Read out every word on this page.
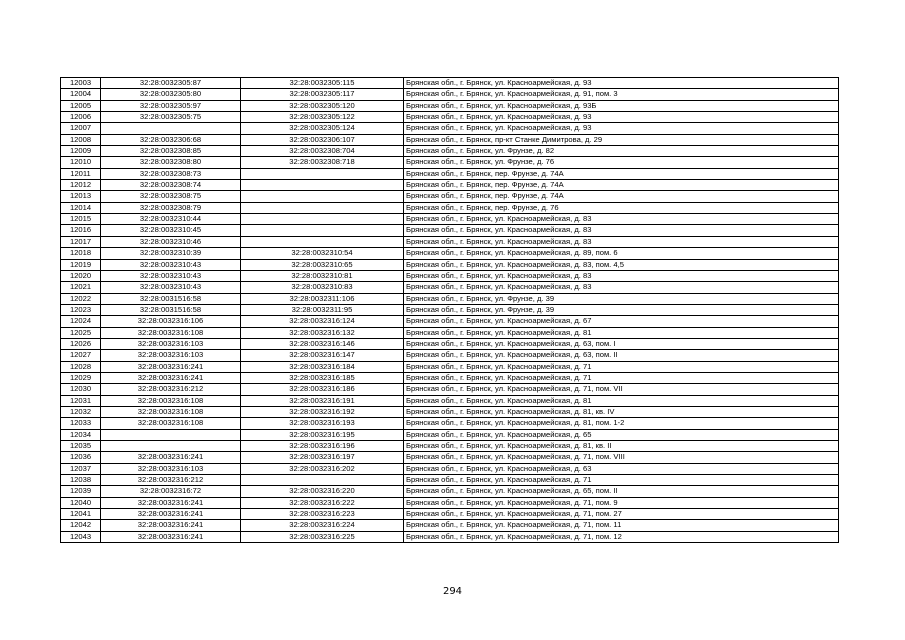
12003	32:28:0032305:87	32:28:0032305:115	Брянская обл., г. Брянск, ул. Красноармейская, д. 93
12004	32:28:0032305:80	32:28:0032305:117	Брянская обл., г. Брянск, ул. Красноармейская, д. 91, пом. 3
12005	32:28:0032305:97	32:28:0032305:120	Брянская обл., г. Брянск, ул. Красноармейская, д. 93Б
12006	32:28:0032305:75	32:28:0032305:122	Брянская обл., г. Брянск, ул. Красноармейская, д. 93
12007		32:28:0032305:124	Брянская обл., г. Брянск, ул. Красноармейская, д. 93
12008	32:28:0032306:68	32:28:0032306:107	Брянская обл., г. Брянск, пр-кт Станке Димитрова, д. 29
12009	32:28:0032308:85	32:28:0032308:704	Брянская обл., г. Брянск, ул. Фрунзе, д. 82
12010	32:28:0032308:80	32:28:0032308:718	Брянская обл., г. Брянск, ул. Фрунзе, д. 76
12011	32:28:0032308:73		Брянская обл., г. Брянск, пер. Фрунзе, д. 74А
12012	32:28:0032308:74		Брянская обл., г. Брянск, пер. Фрунзе, д. 74А
12013	32:28:0032308:75		Брянская обл., г. Брянск, пер. Фрунзе, д. 74А
12014	32:28:0032308:79		Брянская обл., г. Брянск, пер. Фрунзе, д. 76
12015	32:28:0032310:44		Брянская обл., г. Брянск, ул. Красноармейская, д. 83
12016	32:28:0032310:45		Брянская обл., г. Брянск, ул. Красноармейская, д. 83
12017	32:28:0032310:46		Брянская обл., г. Брянск, ул. Красноармейская, д. 83
12018	32:28:0032310:39	32:28:0032310:54	Брянская обл., г. Брянск, ул. Красноармейская, д. 89, пом. 6
12019	32:28:0032310:43	32:28:0032310:65	Брянская обл., г. Брянск, ул. Красноармейская, д. 83, пом. 4,5
12020	32:28:0032310:43	32:28:0032310:81	Брянская обл., г. Брянск, ул. Красноармейская, д. 83
12021	32:28:0032310:43	32:28:0032310:83	Брянская обл., г. Брянск, ул. Красноармейская, д. 83
12022	32:28:0031516:58	32:28:0032311:106	Брянская обл., г. Брянск, ул. Фрунзе, д. 39
12023	32:28:0031516:58	32:28:0032311:95	Брянская обл., г. Брянск, ул. Фрунзе, д. 39
12024	32:28:0032316:106	32:28:0032316:124	Брянская обл., г. Брянск, ул. Красноармейская, д. 67
12025	32:28:0032316:108	32:28:0032316:132	Брянская обл., г. Брянск, ул. Красноармейская, д. 81
12026	32:28:0032316:103	32:28:0032316:146	Брянская обл., г. Брянск, ул. Красноармейская, д. 63, пом. I
12027	32:28:0032316:103	32:28:0032316:147	Брянская обл., г. Брянск, ул. Красноармейская, д. 63, пом. II
12028	32:28:0032316:241	32:28:0032316:184	Брянская обл., г. Брянск, ул. Красноармейская, д. 71
12029	32:28:0032316:241	32:28:0032316:185	Брянская обл., г. Брянск, ул. Красноармейская, д. 71
12030	32:28:0032316:212	32:28:0032316:186	Брянская обл., г. Брянск, ул. Красноармейская, д. 71, пом. VII
12031	32:28:0032316:108	32:28:0032316:191	Брянская обл., г. Брянск, ул. Красноармейская, д. 81
12032	32:28:0032316:108	32:28:0032316:192	Брянская обл., г. Брянск, ул. Красноармейская, д. 81, кв. IV
12033	32:28:0032316:108	32:28:0032316:193	Брянская обл., г. Брянск, ул. Красноармейская, д. 81, пом. 1-2
12034		32:28:0032316:195	Брянская обл., г. Брянск, ул. Красноармейская, д. 65
12035		32:28:0032316:196	Брянская обл., г. Брянск, ул. Красноармейская, д. 81, кв. II
12036	32:28:0032316:241	32:28:0032316:197	Брянская обл., г. Брянск, ул. Красноармейская, д. 71, пом. VIII
12037	32:28:0032316:103	32:28:0032316:202	Брянская обл., г. Брянск, ул. Красноармейская, д. 63
12038	32:28:0032316:212		Брянская обл., г. Брянск, ул. Красноармейская, д. 71
12039	32:28:0032316:72	32:28:0032316:220	Брянская обл., г. Брянск, ул. Красноармейская, д. 65, пом. II
12040	32:28:0032316:241	32:28:0032316:222	Брянская обл., г. Брянск, ул. Красноармейская, д. 71, пом. 9
12041	32:28:0032316:241	32:28:0032316:223	Брянская обл., г. Брянск, ул. Красноармейская, д. 71, пом. 27
12042	32:28:0032316:241	32:28:0032316:224	Брянская обл., г. Брянск, ул. Красноармейская, д. 71, пом. 11
12043	32:28:0032316:241	32:28:0032316:225	Брянская обл., г. Брянск, ул. Красноармейская, д. 71, пом. 12
294
